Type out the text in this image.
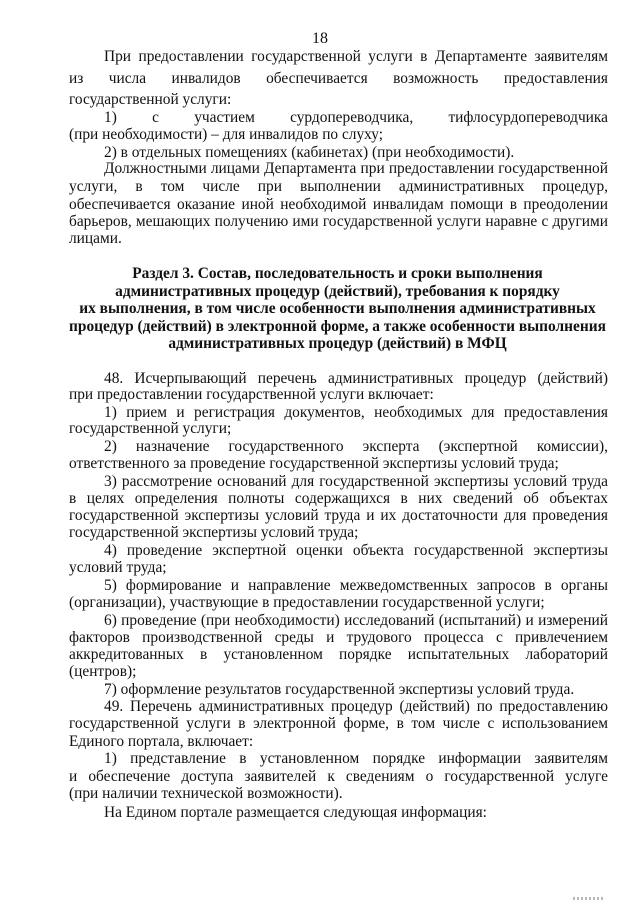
18
При предоставлении государственной услуги в Департаменте заявителям
из числа инвалидов обеспечивается возможность предоставления
государственной услуги:
1) с участием сурдопереводчика, тифлосурдопереводчика
(при необходимости) – для инвалидов по слуху;
2) в отдельных помещениях (кабинетах) (при необходимости).
Должностными лицами Департамента при предоставлении государственной
услуги, в том числе при выполнении административных процедур,
обеспечивается оказание иной необходимой инвалидам помощи в преодолении
барьеров, мешающих получению ими государственной услуги наравне с другими
лицами.
Раздел 3. Состав, последовательность и сроки выполнения
административных процедур (действий), требования к порядку
их выполнения, в том числе особенности выполнения административных
процедур (действий) в электронной форме, а также особенности выполнения
административных процедур (действий) в МФЦ
48. Исчерпывающий перечень административных процедур (действий)
при предоставлении государственной услуги включает:
1) прием и регистрация документов, необходимых для предоставления
государственной услуги;
2) назначение государственного эксперта (экспертной комиссии),
ответственного за проведение государственной экспертизы условий труда;
3) рассмотрение оснований для государственной экспертизы условий труда
в целях определения полноты содержащихся в них сведений об объектах
государственной экспертизы условий труда и их достаточности для проведения
государственной экспертизы условий труда;
4) проведение экспертной оценки объекта государственной экспертизы
условий труда;
5) формирование и направление межведомственных запросов в органы
(организации), участвующие в предоставлении государственной услуги;
6) проведение (при необходимости) исследований (испытаний) и измерений
факторов производственной среды и трудового процесса с привлечением
аккредитованных в установленном порядке испытательных лабораторий
(центров);
7) оформление результатов государственной экспертизы условий труда.
49. Перечень административных процедур (действий) по предоставлению
государственной услуги в электронной форме, в том числе с использованием
Единого портала, включает:
1) представление в установленном порядке информации заявителям
и обеспечение доступа заявителей к сведениям о государственной услуге
(при наличии технической возможности).
На Едином портале размещается следующая информация:
